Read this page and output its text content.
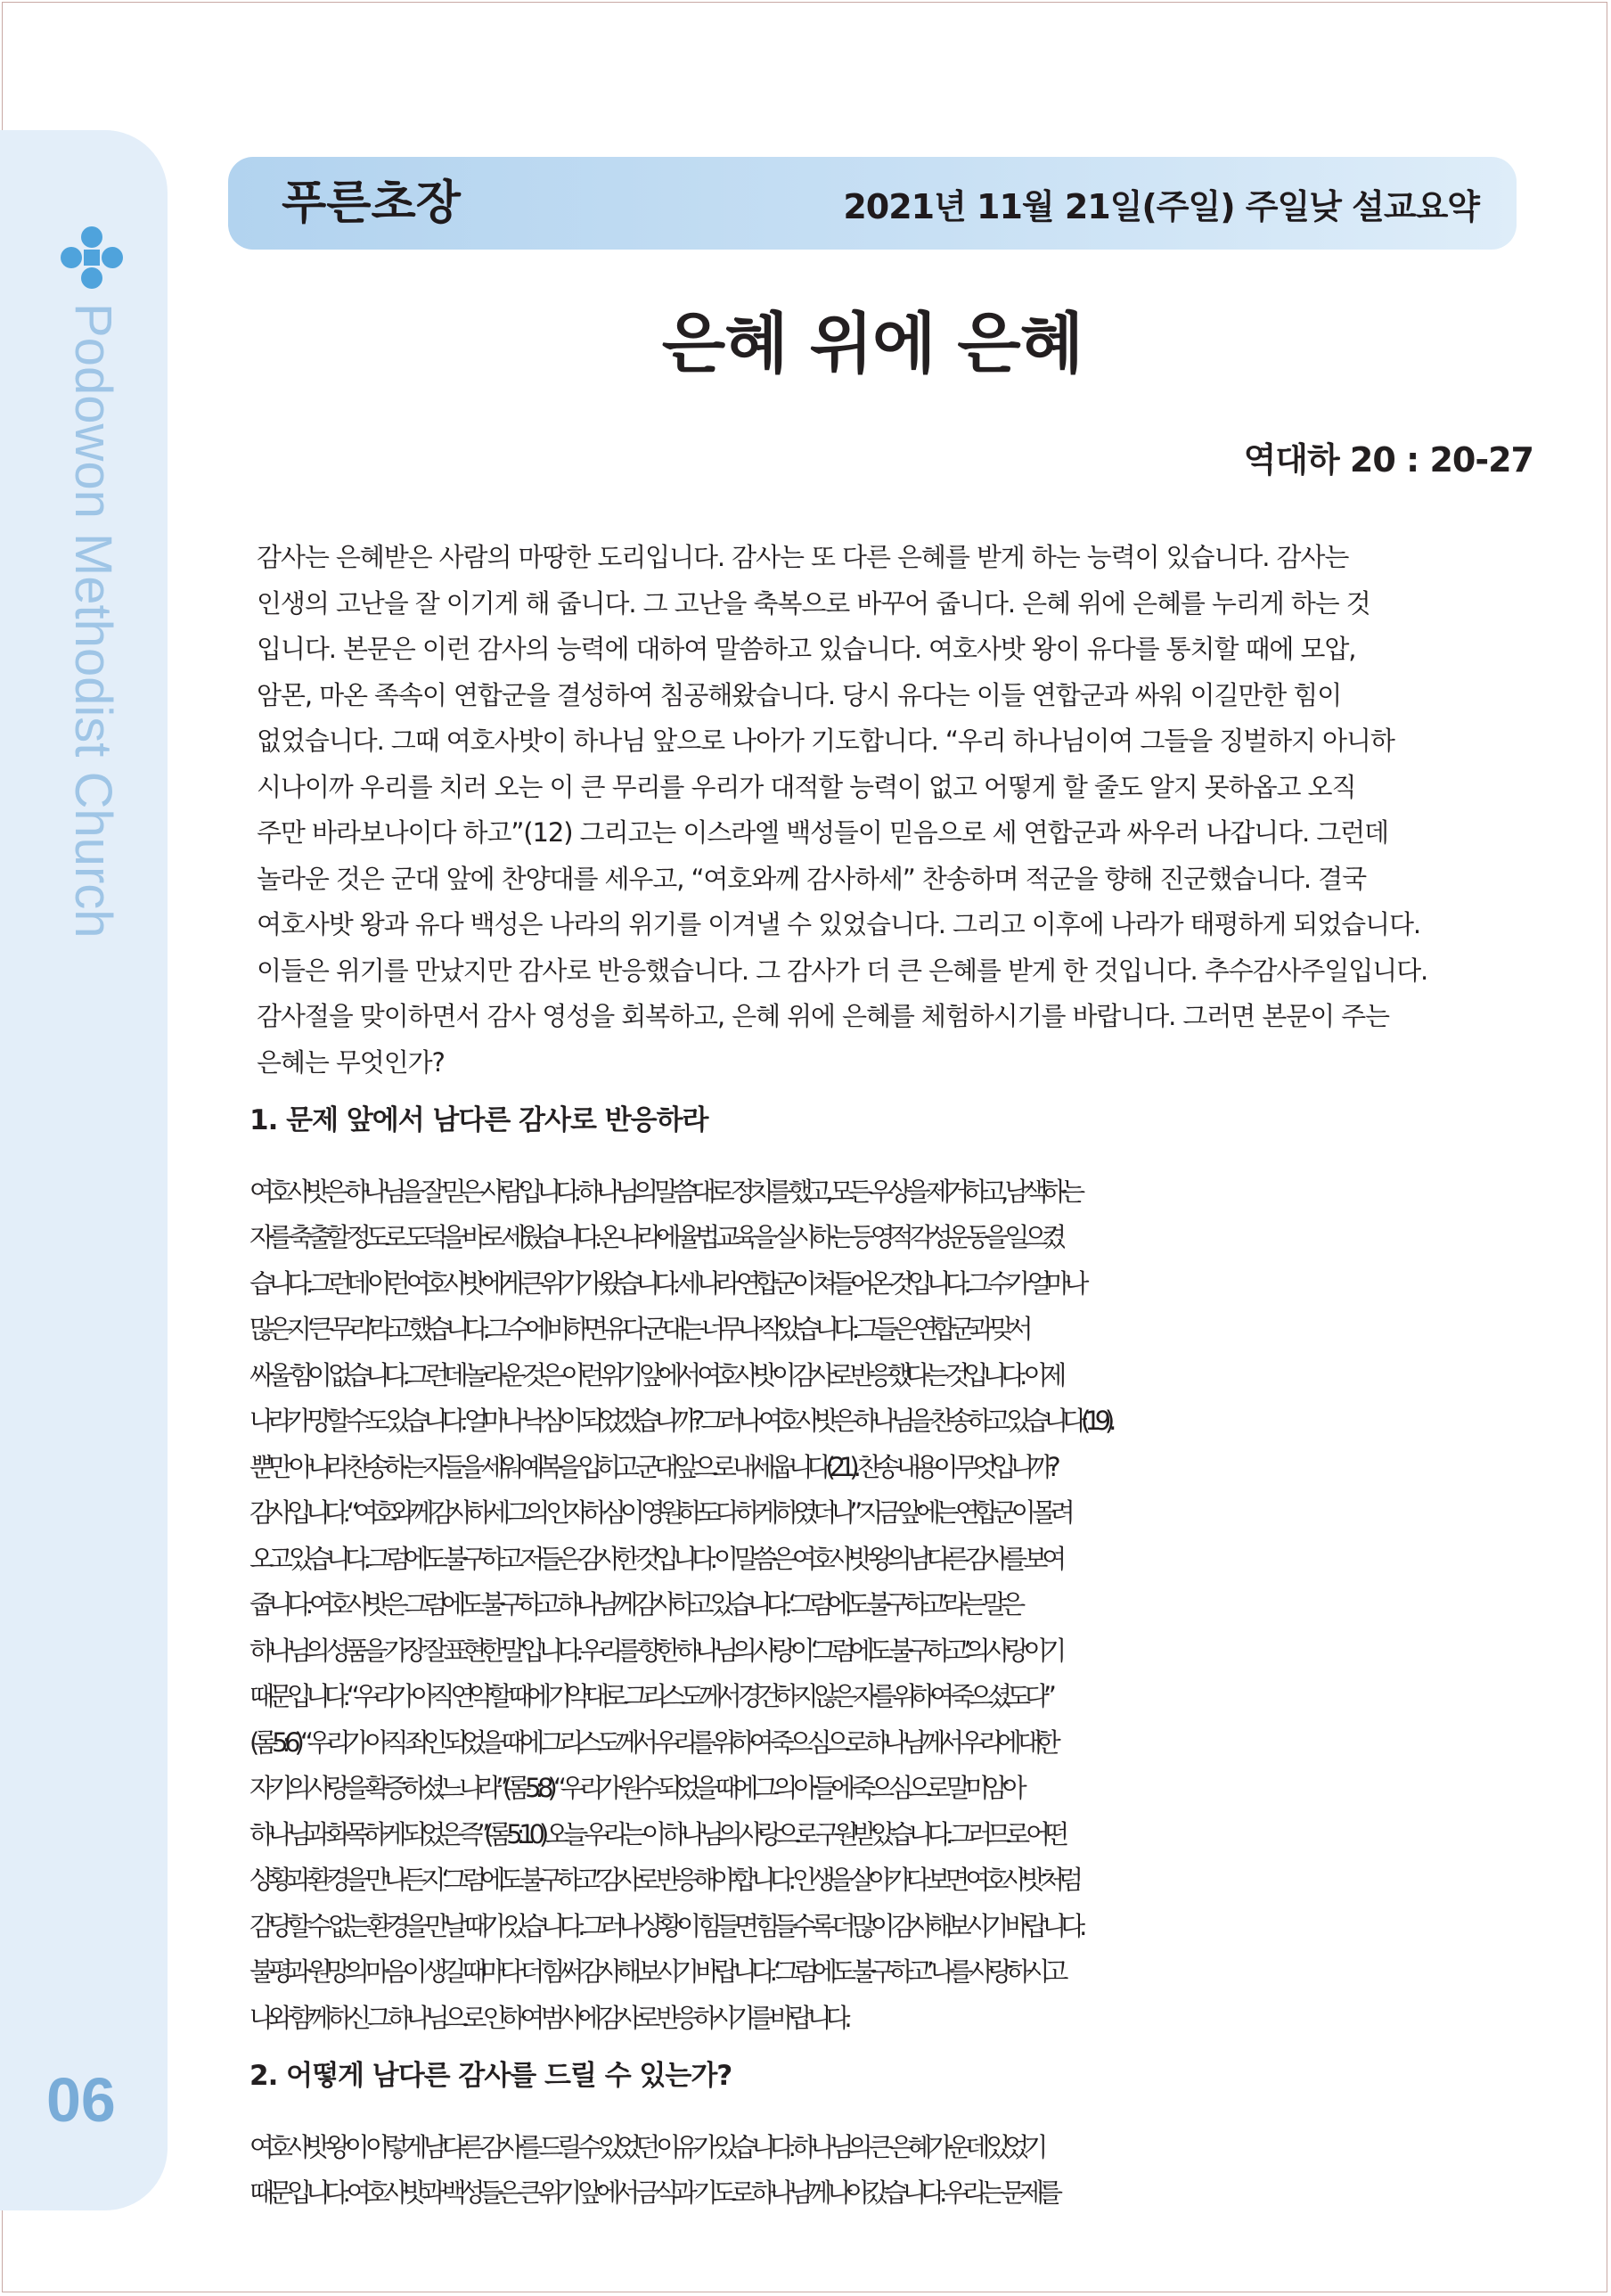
Podowon Methodist Church
06
푸른초장	2021년 11월 21일(주일) 주일낮 설교요약
은혜 위에 은혜
역대하 20 : 20-27
감사는 은혜받은 사람의 마땅한 도리입니다. 감사는 또 다른 은혜를 받게 하는 능력이 있습니다. 감사는
인생의 고난을 잘 이기게 해 줍니다. 그 고난을 축복으로 바꾸어 줍니다. 은혜 위에 은혜를 누리게 하는 것
입니다. 본문은 이런 감사의 능력에 대하여 말씀하고 있습니다. 여호사밧 왕이 유다를 통치할 때에 모압,
암몬, 마온 족속이 연합군을 결성하여 침공해왔습니다. 당시 유다는 이들 연합군과 싸워 이길만한 힘이
없었습니다. 그때 여호사밧이 하나님 앞으로 나아가 기도합니다. “우리 하나님이여 그들을 징벌하지 아니하
시나이까 우리를 치러 오는 이 큰 무리를 우리가 대적할 능력이 없고 어떻게 할 줄도 알지 못하옵고 오직
주만 바라보나이다 하고”(12) 그리고는 이스라엘 백성들이 믿음으로 세 연합군과 싸우러 나갑니다. 그런데
놀라운 것은 군대 앞에 찬양대를 세우고, “여호와께 감사하세” 찬송하며 적군을 향해 진군했습니다. 결국
여호사밧 왕과 유다 백성은 나라의 위기를 이겨낼 수 있었습니다. 그리고 이후에 나라가 태평하게 되었습니다.
이들은 위기를 만났지만 감사로 반응했습니다. 그 감사가 더 큰 은혜를 받게 한 것입니다. 추수감사주일입니다.
감사절을 맞이하면서 감사 영성을 회복하고, 은혜 위에 은혜를 체험하시기를 바랍니다. 그러면 본문이 주는
은혜는 무엇인가?
1. 문제 앞에서 남다른 감사로 반응하라
여호사밧은 하나님을 잘 믿은 사람입니다. 하나님의 말씀대로 정치를 했고, 모든 우상을 제거하고, 남색하는
자를 축출할 정도로 도덕을 바로 세웠습니다. 온 나라에 율법 교육을 실시하는 등 영적 각성운동을 일으켰
습니다. 그런데 이런 여호사밧에게 큰 위기가 왔습니다. 세 나라 연합군이 쳐들어온 것입니다. 그 수가 얼마나
많은지 ‘큰 무리’라고 했습니다. 그 수에 비하면 유다 군대는 너무나 작았습니다. 그들은 연합군과 맞서
싸울 힘이 없습니다. 그런데 놀라운 것은 이런 위기 앞에서 여호사밧이 감사로 반응했다는 것입니다. 이제
나라가 망할 수도 있습니다. 얼마나 낙심이 되었겠습니까? 그러나 여호사밧은 하나님을 찬송하고 있습니다(19).
뿐만 아니라 찬송하는 자들을 세워 예복을 입히고 군대 앞으로 내세웁니다(21). 찬송 내용이 무엇입니까?
감사입니다. “여호와께 감사하세 그의 인자하심이 영원하도다 하게 하였더니” 지금 앞에는 연합군이 몰려
오고 있습니다. 그럼에도 불구하고 저들은 감사한 것입니다. 이 말씀은 여호사밧 왕의 남다른 감사를 보여
줍니다. 여호사밧은 그럼에도 불구하고 하나님께 감사하고 있습니다. ‘그럼에도 불구하고’라는 말은
하나님의 성품을 가장 잘 표현한 말입니다. 우리를 향한 하나님의 사랑이 ‘그럼에도 불구하고’의 사랑이기
때문입니다. “우리가 아직 연약할 때에 기약대로 그리스도께서 경건하지 않은 자를 위하여 죽으셨도다”
(롬5:6) “우리가 아직 죄인 되었을 때에 그리스도께서 우리를 위하여 죽으심으로 하나님께서 우리에 대한
자기의 사랑을 확증하셨느니라”(롬5:8) “우리가 원수 되었을 때에 그의 아들에 죽으심으로 말미암아
하나님과 화목하게 되었은즉”(롬5:10) 오늘 우리는 이 하나님의 사랑으로 구원받았습니다. 그러므로 어떤
상황과 환경을 만나든지 ‘그럼에도 불구하고’ 감사로 반응해야 합니다. 인생을 살아가다 보면 여호사밧처럼
감당할 수 없는 환경을 만날 때가 있습니다. 그러나 상황이 힘들면 힘들수록 더 많이 감사해보시기 바랍니다.
불평과 원망의 마음이 생길 때마다 더 힘써 감사해 보시기 바랍니다. ‘그럼에도 불구하고’ 나를 사랑하시고
나와 함께 하신 그 하나님으로 인하여 범사에 감사로 반응하시기를 바랍니다.
2. 어떻게 남다른 감사를 드릴 수 있는가?
여호사밧 왕이 이렇게 남다른 감사를 드릴 수 있었던 이유가 있습니다. 하나님의 큰 은혜 가운데 있었기
때문입니다. 여호사밧과 백성들은 큰 위기 앞에서 금식과 기도로 하나님께 나아갔습니다. 우리는 문제를
